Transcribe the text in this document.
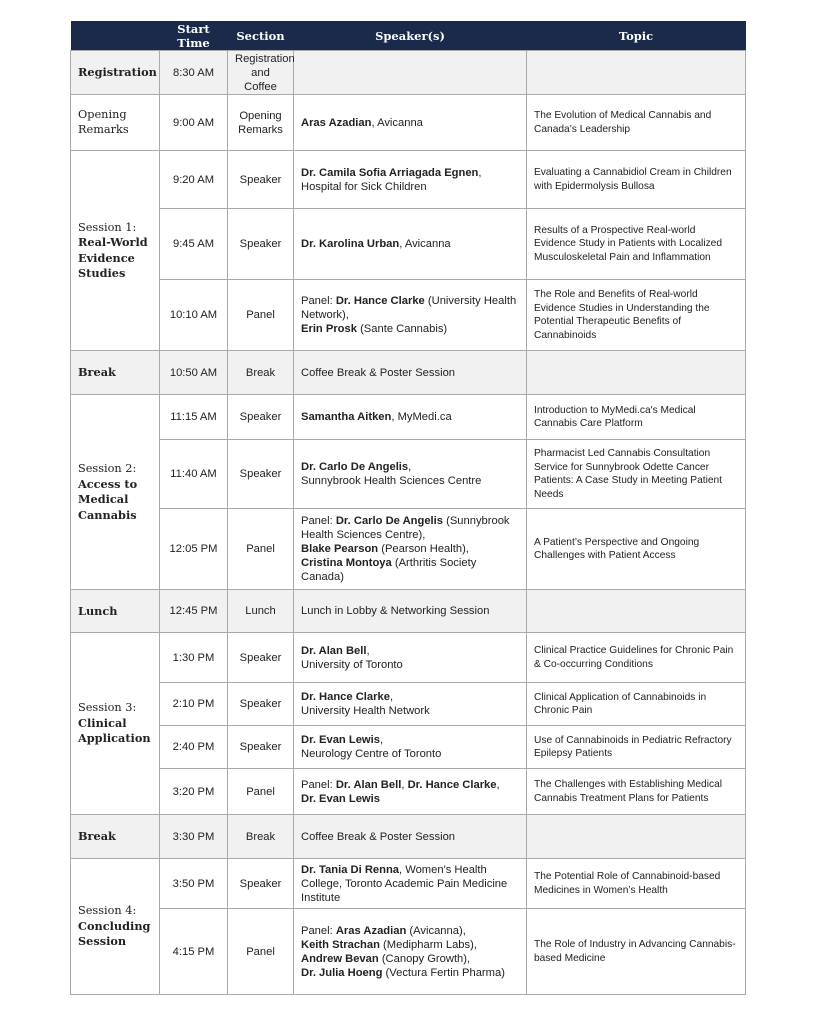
	Start Time	Section	Speaker(s)	Topic
Registration	8:30 AM	Registration and Coffee		
Opening Remarks	9:00 AM	Opening Remarks	Aras Azadian, Avicanna	The Evolution of Medical Cannabis and Canada’s Leadership
Session 1: Real-World Evidence Studies	9:20 AM	Speaker	Dr. Camila Sofia Arriagada Egnen, Hospital for Sick Children	Evaluating a Cannabidiol Cream in Children with Epidermolysis Bullosa
	9:45 AM	Speaker	Dr. Karolina Urban, Avicanna	Results of a Prospective Real-world Evidence Study in Patients with Localized Musculoskeletal Pain and Inflammation
	10:10 AM	Panel	Panel: Dr. Hance Clarke (University Health Network),
Erin Prosk (Sante Cannabis)	The Role and Benefits of Real-world Evidence Studies in Understanding the Potential Therapeutic Benefits of Cannabinoids
Break	10:50 AM	Break	Coffee Break & Poster Session	
Session 2: Access to Medical Cannabis	11:15 AM	Speaker	Samantha Aitken, MyMedi.ca	Introduction to MyMedi.ca's Medical Cannabis Care Platform
	11:40 AM	Speaker	Dr. Carlo De Angelis,
Sunnybrook Health Sciences Centre	Pharmacist Led Cannabis Consultation Service for Sunnybrook Odette Cancer Patients: A Case Study in Meeting Patient Needs
	12:05 PM	Panel	Panel: Dr. Carlo De Angelis (Sunnybrook Health Sciences Centre),
Blake Pearson (Pearson Health),
Cristina Montoya (Arthritis Society Canada)	A Patient’s Perspective and Ongoing Challenges with Patient Access
Lunch	12:45 PM	Lunch	Lunch in Lobby & Networking Session	
Session 3: Clinical Application	1:30 PM	Speaker	Dr. Alan Bell,
University of Toronto	Clinical Practice Guidelines for Chronic Pain & Co-occurring Conditions
	2:10 PM	Speaker	Dr. Hance Clarke,
University Health Network	Clinical Application of Cannabinoids in Chronic Pain
	2:40 PM	Speaker	Dr. Evan Lewis,
Neurology Centre of Toronto	Use of Cannabinoids in Pediatric Refractory Epilepsy Patients
	3:20 PM	Panel	Panel: Dr. Alan Bell, Dr. Hance Clarke,
Dr. Evan Lewis	The Challenges with Establishing Medical Cannabis Treatment Plans for Patients
Break	3:30 PM	Break	Coffee Break & Poster Session	
Session 4: Concluding Session	3:50 PM	Speaker	Dr. Tania Di Renna, Women's Health College, Toronto Academic Pain Medicine Institute	The Potential Role of Cannabinoid-based Medicines in Women’s Health
	4:15 PM	Panel	Panel: Aras Azadian (Avicanna),
Keith Strachan (Medipharm Labs),
Andrew Bevan (Canopy Growth),
Dr. Julia Hoeng (Vectura Fertin Pharma)	The Role of Industry in Advancing Cannabis-based Medicine
